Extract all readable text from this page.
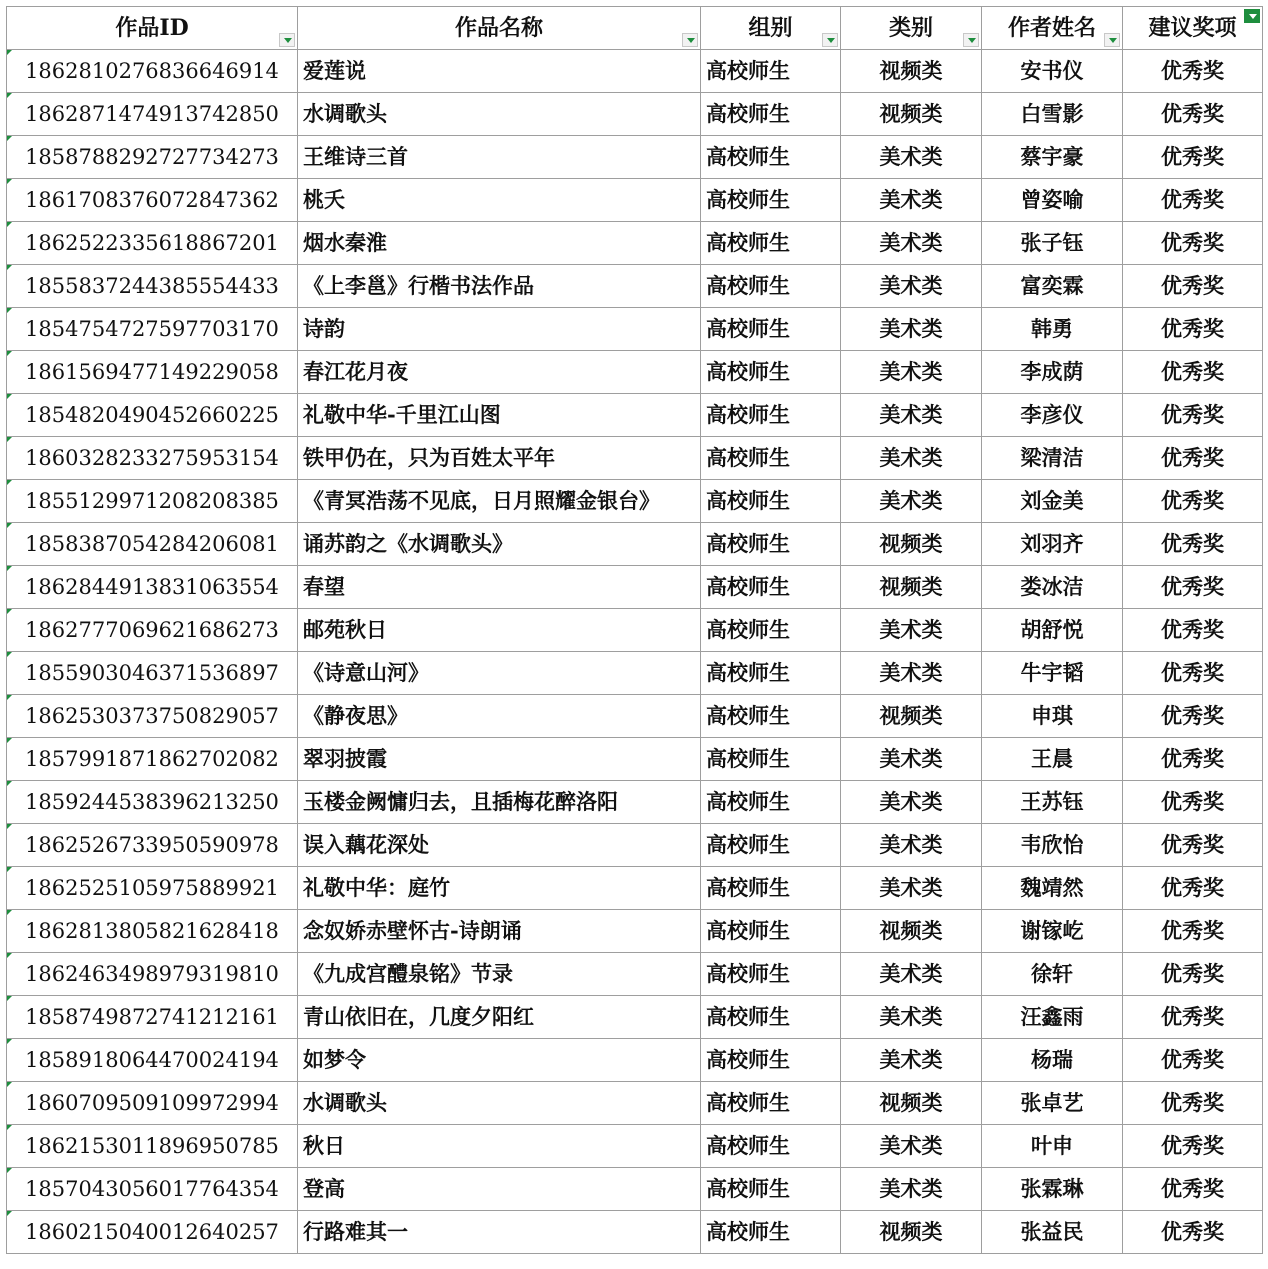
作品ID	作品名称	组别	类别	作者姓名	建议奖项

1862810276836646914	爱莲说	高校师生	视频类	安书仪	优秀奖
1862871474913742850	水调歌头	高校师生	视频类	白雪影	优秀奖
1858788292727734273	王维诗三首	高校师生	美术类	蔡宇豪	优秀奖
1861708376072847362	桃夭	高校师生	美术类	曾姿喻	优秀奖
1862522335618867201	烟水秦淮	高校师生	美术类	张子钰	优秀奖
1855837244385554433	《上李邕》行楷书法作品	高校师生	美术类	富奕霖	优秀奖
1854754727597703170	诗韵	高校师生	美术类	韩勇	优秀奖
1861569477149229058	春江花月夜	高校师生	美术类	李成荫	优秀奖
1854820490452660225	礼敬中华-千里江山图	高校师生	美术类	李彦仪	优秀奖
1860328233275953154	铁甲仍在，只为百姓太平年	高校师生	美术类	梁清洁	优秀奖
1855129971208208385	《青冥浩荡不见底，日月照耀金银台》	高校师生	美术类	刘金美	优秀奖
1858387054284206081	诵苏韵之《水调歌头》	高校师生	视频类	刘羽齐	优秀奖
1862844913831063554	春望	高校师生	视频类	娄冰洁	优秀奖
1862777069621686273	邮苑秋日	高校师生	美术类	胡舒悦	优秀奖
1855903046371536897	《诗意山河》	高校师生	美术类	牛宇韬	优秀奖
1862530373750829057	《静夜思》	高校师生	视频类	申琪	优秀奖
1857991871862702082	翠羽披霞	高校师生	美术类	王晨	优秀奖
1859244538396213250	玉楼金阙慵归去，且插梅花醉洛阳	高校师生	美术类	王苏钰	优秀奖
1862526733950590978	误入藕花深处	高校师生	美术类	韦欣怡	优秀奖
1862525105975889921	礼敬中华：庭竹	高校师生	美术类	魏靖然	优秀奖
1862813805821628418	念奴娇赤壁怀古-诗朗诵	高校师生	视频类	谢镓屹	优秀奖
1862463498979319810	《九成宫醴泉铭》节录	高校师生	美术类	徐轩	优秀奖
1858749872741212161	青山依旧在，几度夕阳红	高校师生	美术类	汪鑫雨	优秀奖
1858918064470024194	如梦令	高校师生	美术类	杨瑞	优秀奖
1860709509109972994	水调歌头	高校师生	视频类	张卓艺	优秀奖
1862153011896950785	秋日	高校师生	美术类	叶申	优秀奖
1857043056017764354	登高	高校师生	美术类	张霖琳	优秀奖
1860215040012640257	行路难其一	高校师生	视频类	张益民	优秀奖
